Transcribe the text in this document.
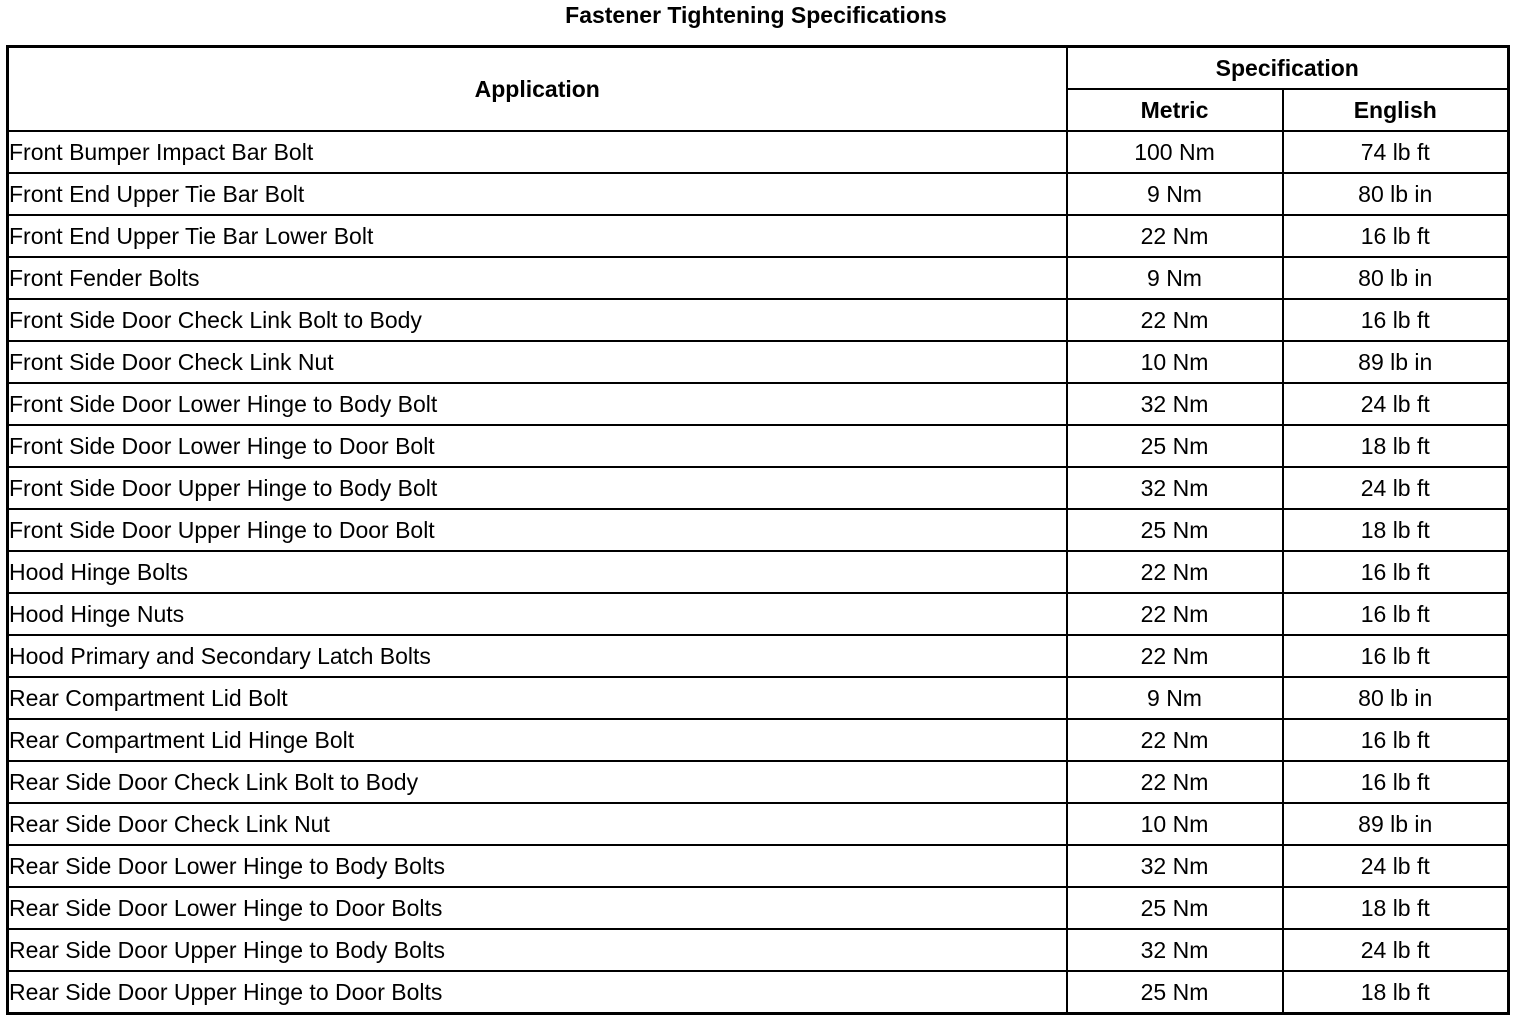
Fastener Tightening Specifications
Application	Specification	
	Metric	English
Front Bumper Impact Bar Bolt	100 Nm	74 lb ft
Front End Upper Tie Bar Bolt	9 Nm	80 lb in
Front End Upper Tie Bar Lower Bolt	22 Nm	16 lb ft
Front Fender Bolts	9 Nm	80 lb in
Front Side Door Check Link Bolt to Body	22 Nm	16 lb ft
Front Side Door Check Link Nut	10 Nm	89 lb in
Front Side Door Lower Hinge to Body Bolt	32 Nm	24 lb ft
Front Side Door Lower Hinge to Door Bolt	25 Nm	18 lb ft
Front Side Door Upper Hinge to Body Bolt	32 Nm	24 lb ft
Front Side Door Upper Hinge to Door Bolt	25 Nm	18 lb ft
Hood Hinge Bolts	22 Nm	16 lb ft
Hood Hinge Nuts	22 Nm	16 lb ft
Hood Primary and Secondary Latch Bolts	22 Nm	16 lb ft
Rear Compartment Lid Bolt	9 Nm	80 lb in
Rear Compartment Lid Hinge Bolt	22 Nm	16 lb ft
Rear Side Door Check Link Bolt to Body	22 Nm	16 lb ft
Rear Side Door Check Link Nut	10 Nm	89 lb in
Rear Side Door Lower Hinge to Body Bolts	32 Nm	24 lb ft
Rear Side Door Lower Hinge to Door Bolts	25 Nm	18 lb ft
Rear Side Door Upper Hinge to Body Bolts	32 Nm	24 lb ft
Rear Side Door Upper Hinge to Door Bolts	25 Nm	18 lb ft
